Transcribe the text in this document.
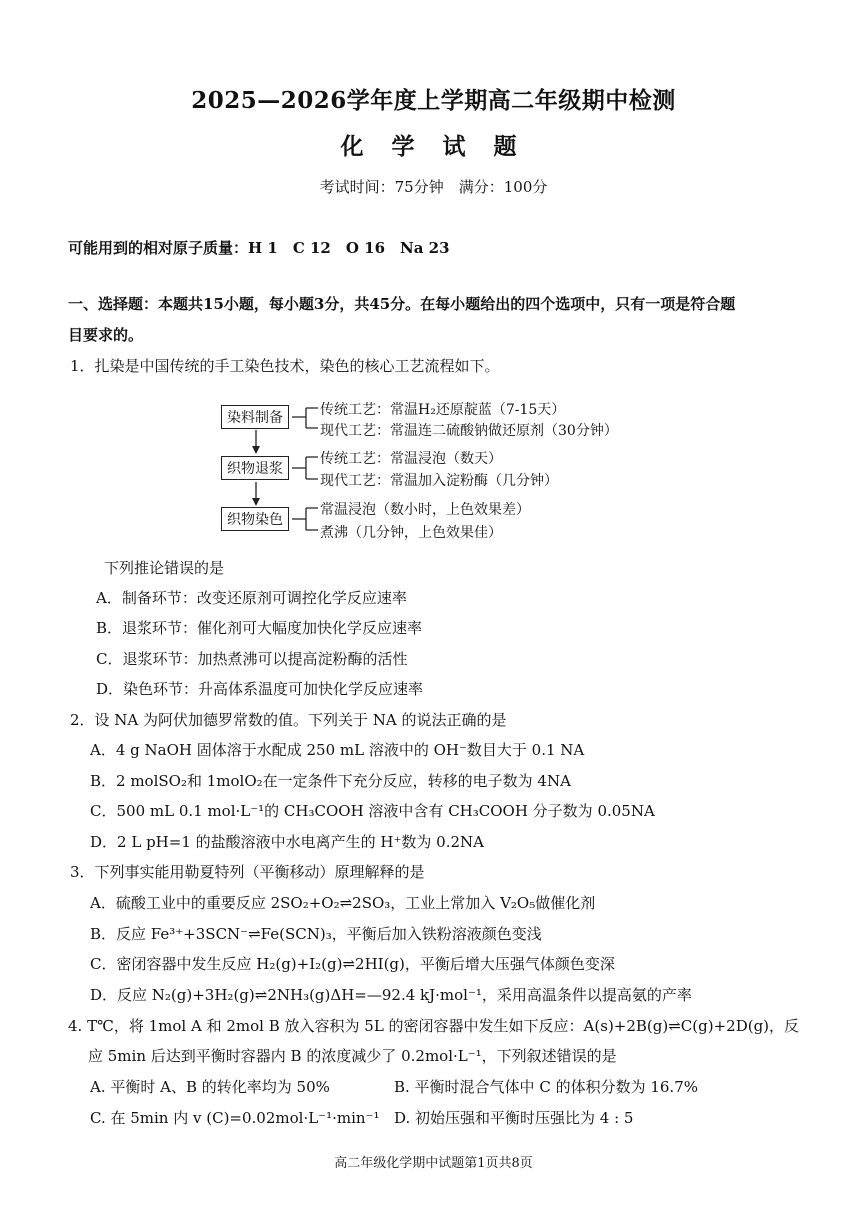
2025—2026学年度上学期高二年级期中检测
化 学 试 题
考试时间：75分钟　满分：100分
可能用到的相对原子质量：H 1　C 12　O 16　Na 23
一、选择题：本题共15小题，每小题3分，共45分。在每小题给出的四个选项中，只有一项是符合题
目要求的。
1．扎染是中国传统的手工染色技术，染色的核心工艺流程如下。
染料制备
织物退浆
织物染色
传统工艺：常温H₂还原靛蓝（7-15天）
现代工艺：常温连二硫酸钠做还原剂（30分钟）
传统工艺：常温浸泡（数天）
现代工艺：常温加入淀粉酶（几分钟）
常温浸泡（数小时，上色效果差）
煮沸（几分钟，上色效果佳）
下列推论错误的是
A．制备环节：改变还原剂可调控化学反应速率
B．退浆环节：催化剂可大幅度加快化学反应速率
C．退浆环节：加热煮沸可以提高淀粉酶的活性
D．染色环节：升高体系温度可加快化学反应速率
2．设 NA 为阿伏加德罗常数的值。下列关于 NA 的说法正确的是
A．4 g NaOH 固体溶于水配成 250 mL 溶液中的 OH⁻数目大于 0.1 NA
B．2 molSO₂和 1molO₂在一定条件下充分反应，转移的电子数为 4NA
C．500 mL 0.1 mol·L⁻¹的 CH₃COOH 溶液中含有 CH₃COOH 分子数为 0.05NA
D．2 L pH=1 的盐酸溶液中水电离产生的 H⁺数为 0.2NA
3．下列事实能用勒夏特列（平衡移动）原理解释的是
A．硫酸工业中的重要反应 2SO₂+O₂⇌2SO₃，工业上常加入 V₂O₅做催化剂
B．反应 Fe³⁺+3SCN⁻⇌Fe(SCN)₃，平衡后加入铁粉溶液颜色变浅
C．密闭容器中发生反应 H₂(g)+I₂(g)⇌2HI(g)，平衡后增大压强气体颜色变深
D．反应 N₂(g)+3H₂(g)⇌2NH₃(g)ΔH=—92.4 kJ·mol⁻¹，采用高温条件以提高氨的产率
4. T℃，将 1mol A 和 2mol B 放入容积为 5L 的密闭容器中发生如下反应：A(s)+2B(g)⇌C(g)+2D(g)，反
应 5min 后达到平衡时容器内 B 的浓度减少了 0.2mol·L⁻¹，下列叙述错误的是
A. 平衡时 A、B 的转化率均为 50%	B. 平衡时混合气体中 C 的体积分数为 16.7%
C. 在 5min 内 v (C)=0.02mol·L⁻¹·min⁻¹ D. 初始压强和平衡时压强比为 4 : 5
高二年级化学期中试题第1页共8页
